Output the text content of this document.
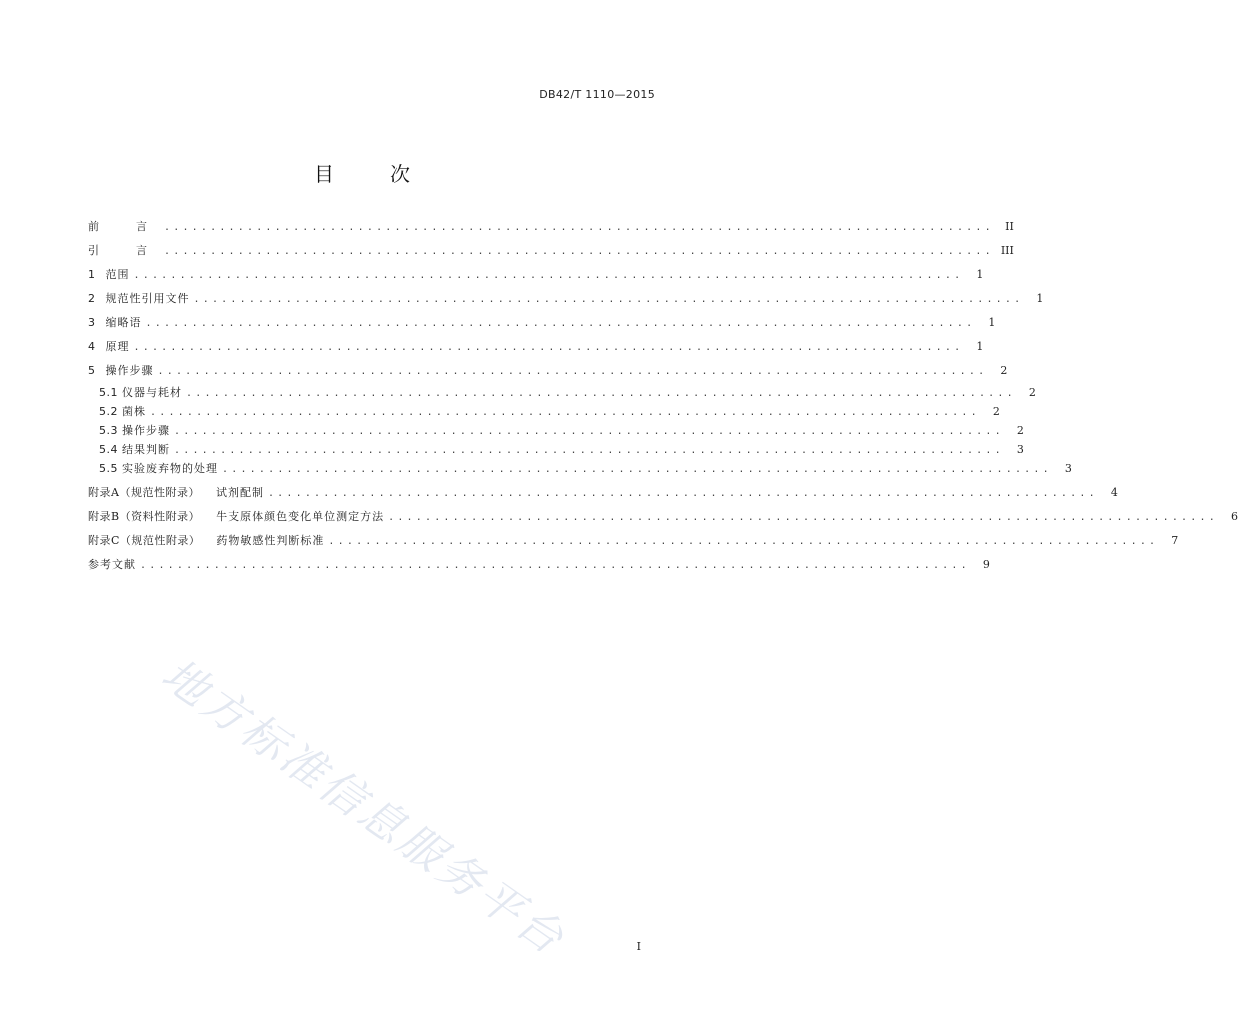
DB42/T 1110—2015
目　次
前　言 ..........................................................................................	II
引　言 .......................................................................................... III
1 范围 ..........................................................................................	1
2 规范性引用文件 ..........................................................................................	1
3 缩略语 ..........................................................................................	1
4 原理 ..........................................................................................	1
5 操作步骤 ..........................................................................................	2
5.1 仪器与耗材 ..........................................................................................	2
5.2 菌株 ..........................................................................................	2
5.3 操作步骤 ..........................................................................................	2
5.4 结果判断 ..........................................................................................	3
5.5 实验废弃物的处理 ..........................................................................................	3
附录A（规范性附录） 试剂配制 ..........................................................................................	4
附录B（资料性附录） 牛支原体颜色变化单位测定方法 ..........................................................................................	6
附录C（规范性附录） 药物敏感性判断标准 ..........................................................................................	7
参考文献 ..........................................................................................	9
地方标准信息服务平台	I
